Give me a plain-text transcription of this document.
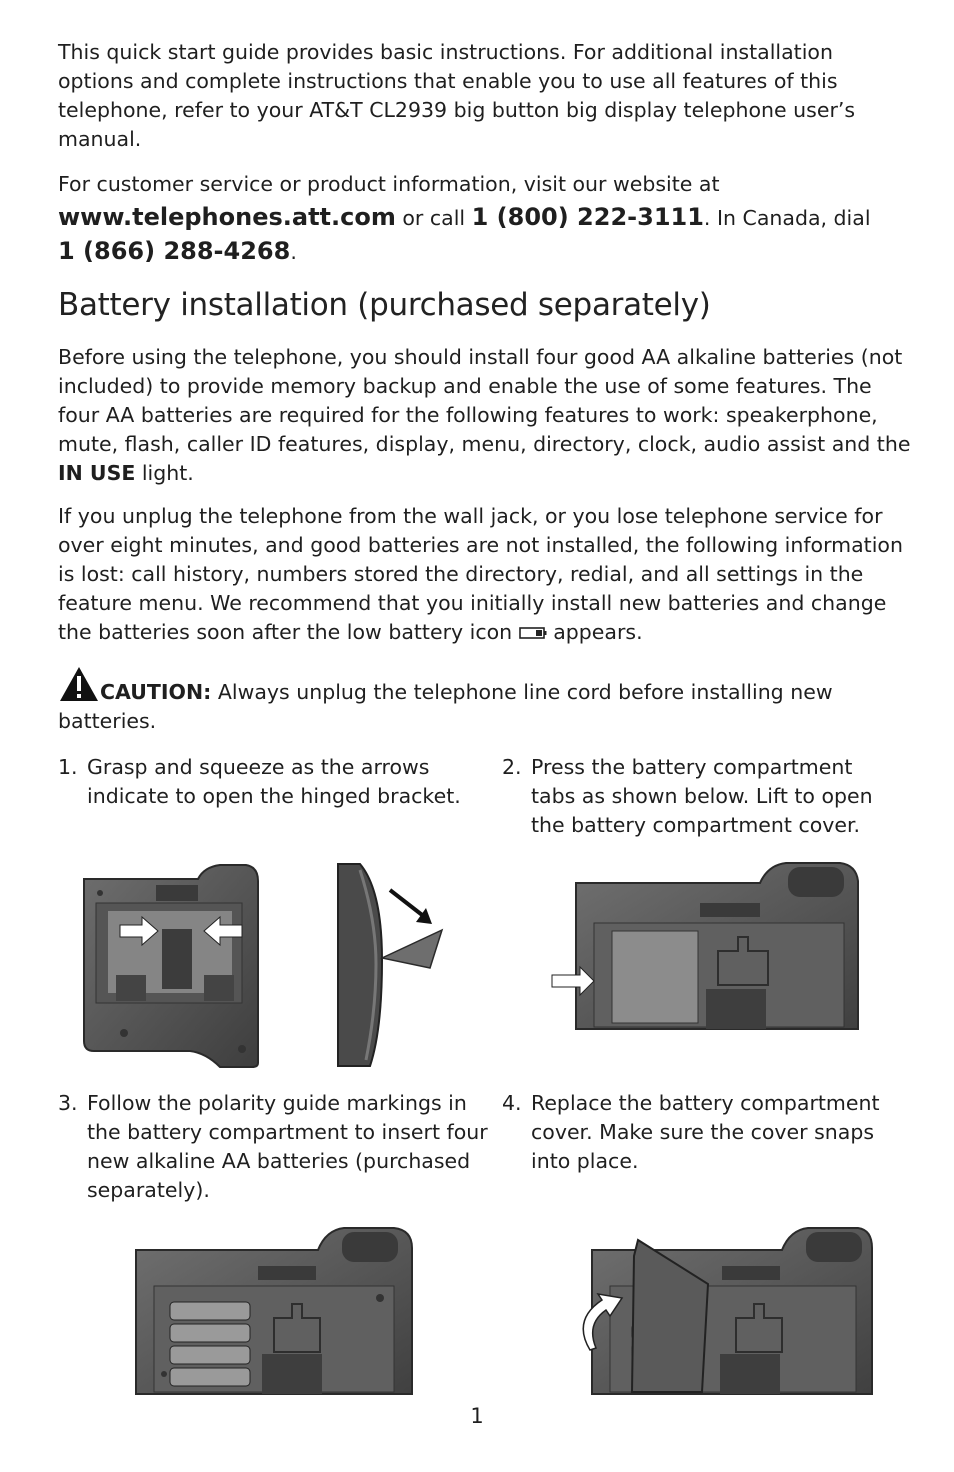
This quick start guide provides basic instructions. For additional installation options and complete instructions that enable you to use all features of this telephone, refer to your AT&T CL2939 big button big display telephone user’s manual.

For customer service or product information, visit our website at
www.telephones.att.com or call 1 (800) 222-3111. In Canada, dial
1 (866) 288-4268.

Battery installation (purchased separately)

Before using the telephone, you should install four good AA alkaline batteries (not included) to provide memory backup and enable the use of some features. The four AA batteries are required for the following features to work: speakerphone, mute, flash, caller ID features, display, menu, directory, clock, audio assist and the IN USE light.

If you unplug the telephone from the wall jack, or you lose telephone service for over eight minutes, and good batteries are not installed, the following information is lost: call history, numbers stored the directory, redial, and all settings in the feature menu. We recommend that you initially install new batteries and change the batteries soon after the low battery icon  appears.

CAUTION: Always unplug the telephone line cord before installing new batteries.

1. Grasp and squeeze as the arrows indicate to open the hinged bracket.
2. Press the battery compartment tabs as shown below. Lift to open the battery compartment cover.
3. Follow the polarity guide markings in the battery compartment to insert four new alkaline AA batteries (purchased separately).
4. Replace the battery compartment cover. Make sure the cover snaps into place.
1
